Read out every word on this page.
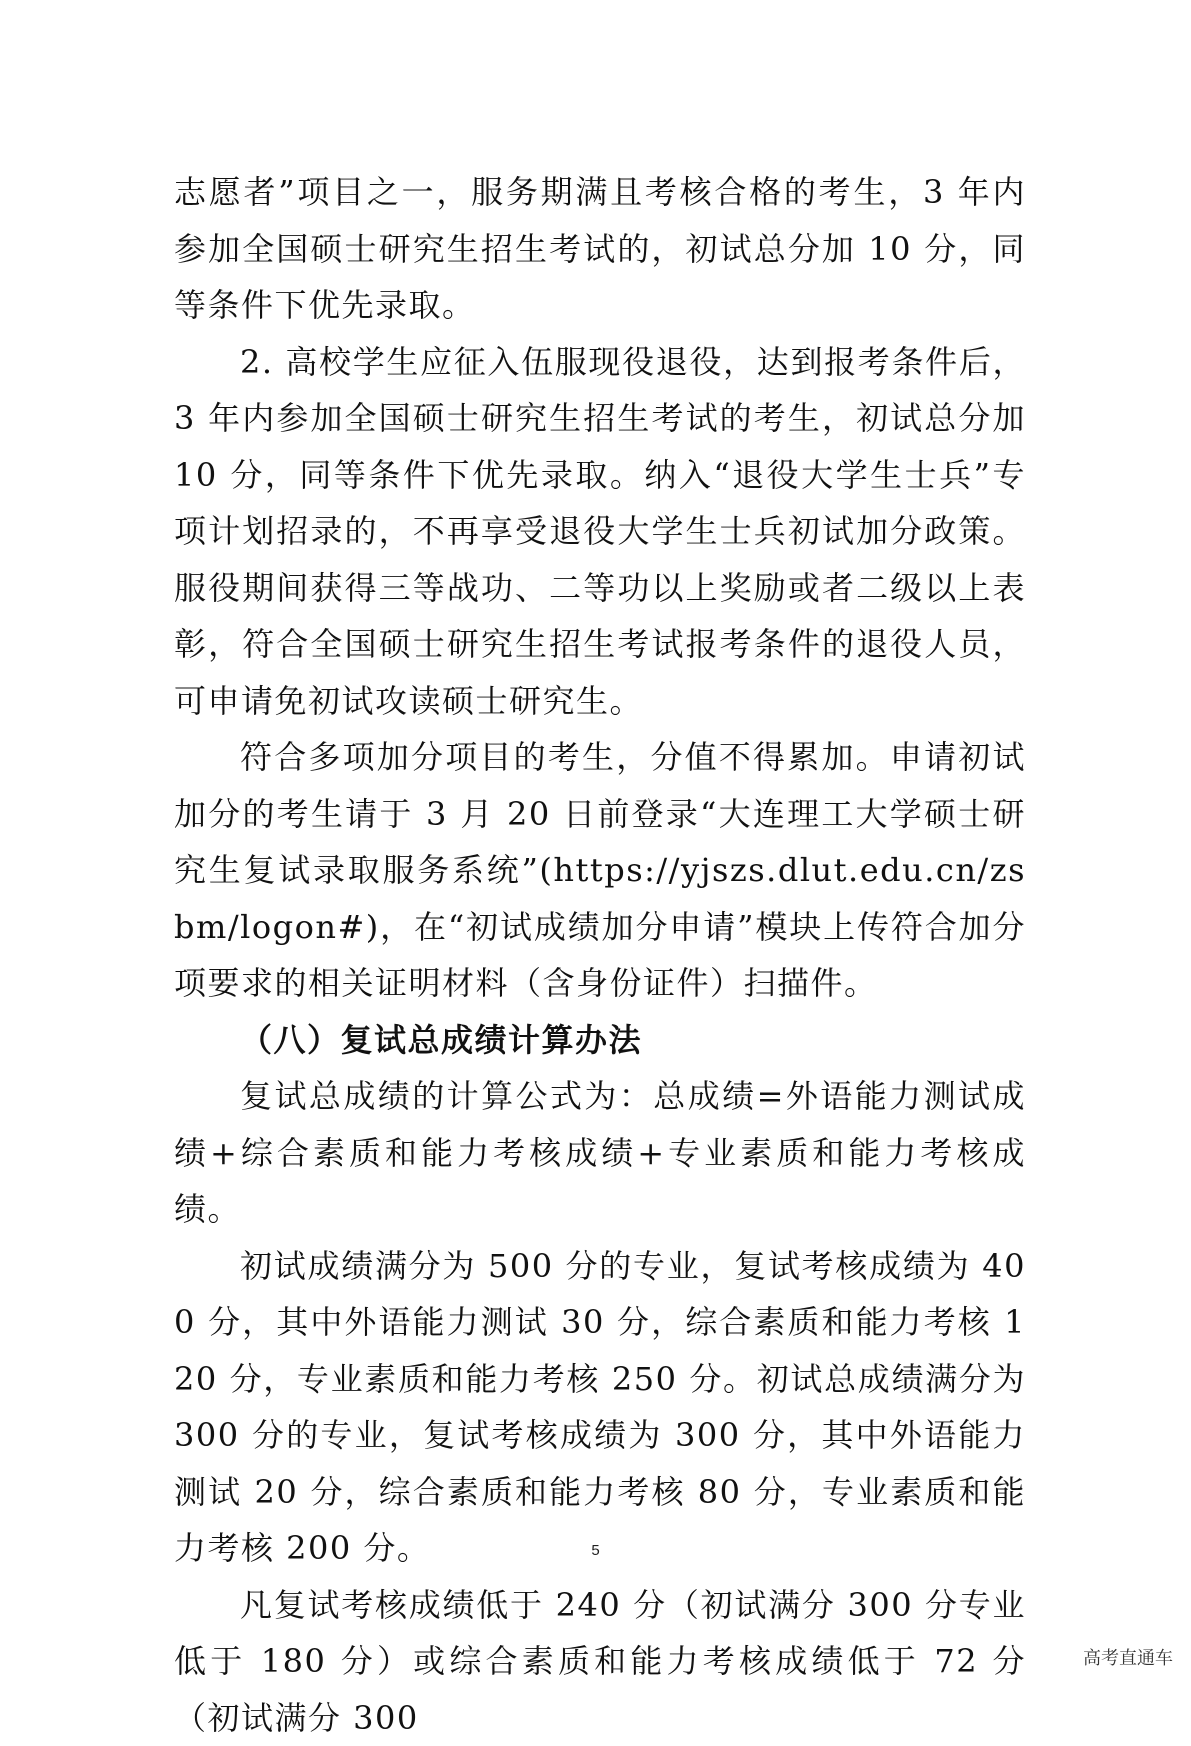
志愿者”项目之一，服务期满且考核合格的考生，3 年内参加全国硕士研究生招生考试的，初试总分加 10 分，同等条件下优先录取。

2. 高校学生应征入伍服现役退役，达到报考条件后，3 年内参加全国硕士研究生招生考试的考生，初试总分加 10 分，同等条件下优先录取。纳入“退役大学生士兵”专项计划招录的，不再享受退役大学生士兵初试加分政策。服役期间获得三等战功、二等功以上奖励或者二级以上表彰，符合全国硕士研究生招生考试报考条件的退役人员，可申请免初试攻读硕士研究生。

符合多项加分项目的考生，分值不得累加。申请初试加分的考生请于 3 月 20 日前登录“大连理工大学硕士研究生复试录取服务系统”(https://yjszs.dlut.edu.cn/zsbm/logon#)，在“初试成绩加分申请”模块上传符合加分项要求的相关证明材料（含身份证件）扫描件。

（八）复试总成绩计算办法

复试总成绩的计算公式为：总成绩=外语能力测试成绩+综合素质和能力考核成绩+专业素质和能力考核成绩。

初试成绩满分为 500 分的专业，复试考核成绩为 400 分，其中外语能力测试 30 分，综合素质和能力考核 120 分，专业素质和能力考核 250 分。初试总成绩满分为 300 分的专业，复试考核成绩为 300 分，其中外语能力测试 20 分，综合素质和能力考核 80 分，专业素质和能力考核 200 分。

凡复试考核成绩低于 240 分（初试满分 300 分专业低于 180 分）或综合素质和能力考核成绩低于 72 分（初试满分 300

5
高考直通车
